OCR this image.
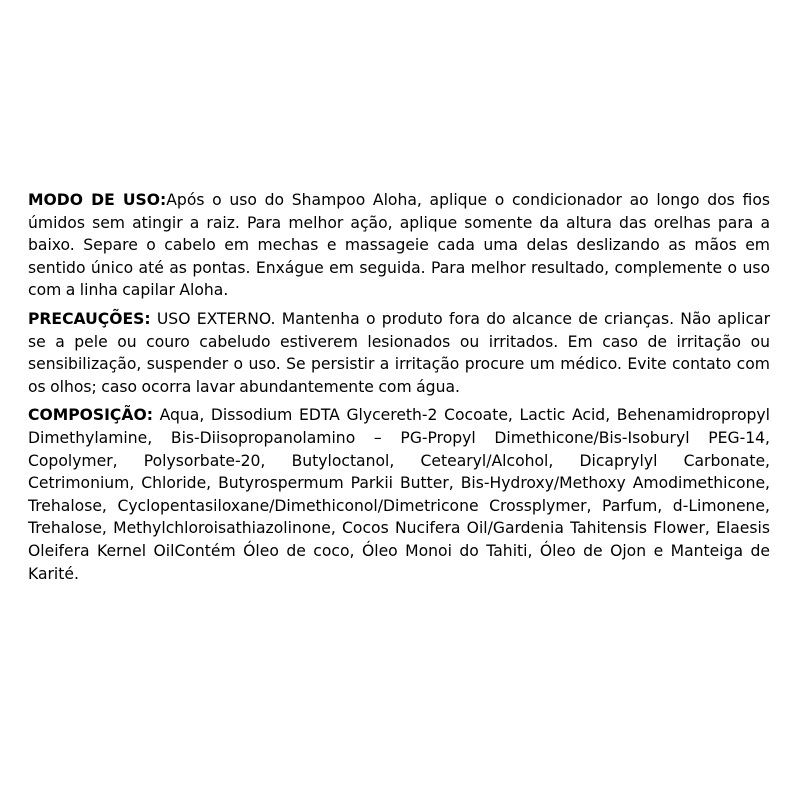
MODO DE USO:Após o uso do Shampoo Aloha, aplique o condicionador ao longo dos fios úmidos sem atingir a raiz. Para melhor ação, aplique somente da altura das orelhas para a baixo. Separe o cabelo em mechas e massageie cada uma delas deslizando as mãos em sentido único até as pontas. Enxágue em seguida. Para melhor resultado, complemente o uso com a linha capilar Aloha.

PRECAUÇÕES: USO EXTERNO. Mantenha o produto fora do alcance de crianças. Não aplicar se a pele ou couro cabeludo estiverem lesionados ou irritados. Em caso de irritação ou sensibilização, suspender o uso. Se persistir a irritação procure um médico. Evite contato com os olhos; caso ocorra lavar abundantemente com água.

COMPOSIÇÃO: Aqua, Dissodium EDTA Glycereth-2 Cocoate, Lactic Acid, Behenamidropropyl Dimethylamine, Bis-Diisopropanolamino – PG-Propyl Dimethicone/Bis-Isoburyl PEG-14, Copolymer, Polysorbate-20, Butyloctanol, Cetearyl/Alcohol, Dicaprylyl Carbonate, Cetrimonium, Chloride, Butyrospermum Parkii Butter, Bis-Hydroxy/Methoxy Amodimethicone, Trehalose, Cyclopentasiloxane/Dimethiconol/Dimetricone Crossplymer, Parfum, d-Limonene, Trehalose, Methylchloroisathiazolinone, Cocos Nucifera Oil/Gardenia Tahitensis Flower, Elaesis Oleifera Kernel OilContém Óleo de coco, Óleo Monoi do Tahiti, Óleo de Ojon e Manteiga de Karité.
